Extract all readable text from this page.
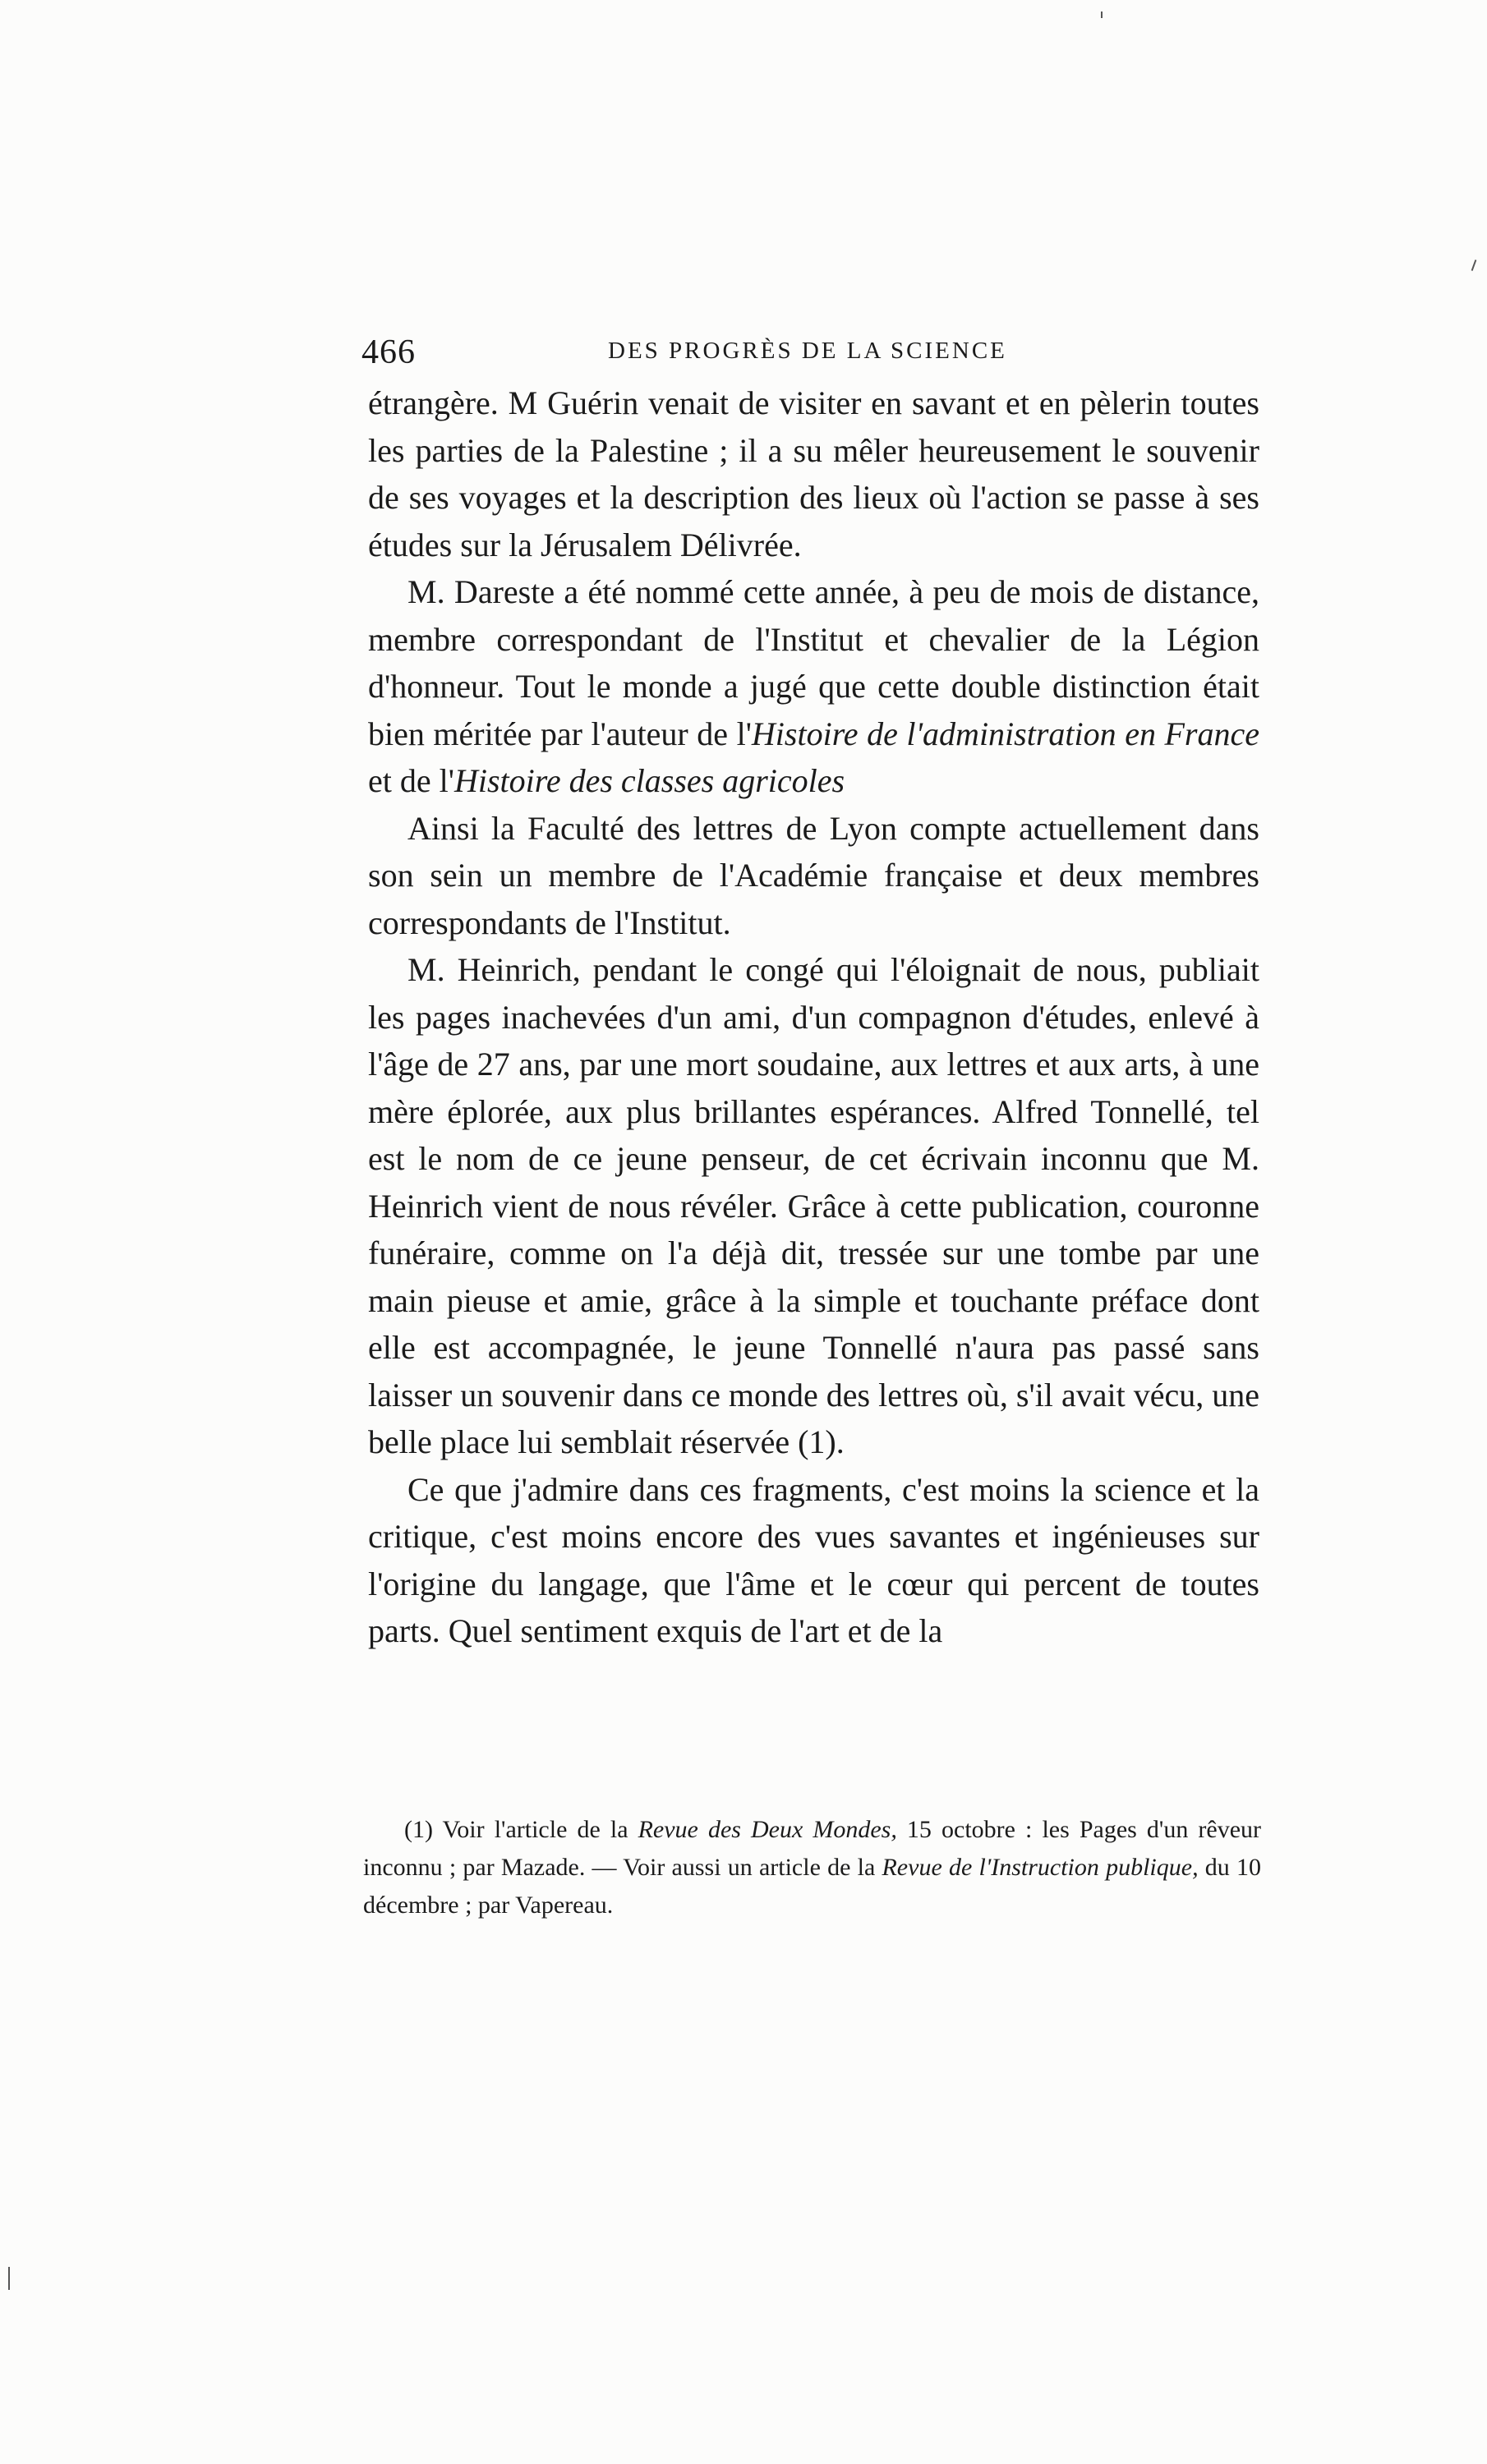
466	DES PROGRÈS DE LA SCIENCE

étrangère. M Guérin venait de visiter en savant et en pèlerin toutes les parties de la Palestine ; il a su mêler heureusement le souvenir de ses voyages et la description des lieux où l'action se passe à ses études sur la Jérusalem Délivrée.

M. Dareste a été nommé cette année, à peu de mois de distance, membre correspondant de l'Institut et chevalier de la Légion d'honneur. Tout le monde a jugé que cette double distinction était bien méritée par l'auteur de l'Histoire de l'administration en France et de l'Histoire des classes agricoles

Ainsi la Faculté des lettres de Lyon compte actuellement dans son sein un membre de l'Académie française et deux membres correspondants de l'Institut.

M. Heinrich, pendant le congé qui l'éloignait de nous, publiait les pages inachevées d'un ami, d'un compagnon d'études, enlevé à l'âge de 27 ans, par une mort soudaine, aux lettres et aux arts, à une mère éplorée, aux plus brillantes espérances. Alfred Tonnellé, tel est le nom de ce jeune penseur, de cet écrivain inconnu que M. Heinrich vient de nous révéler. Grâce à cette publication, couronne funéraire, comme on l'a déjà dit, tressée sur une tombe par une main pieuse et amie, grâce à la simple et touchante préface dont elle est accompagnée, le jeune Tonnellé n'aura pas passé sans laisser un souvenir dans ce monde des lettres où, s'il avait vécu, une belle place lui semblait réservée (1).

Ce que j'admire dans ces fragments, c'est moins la science et la critique, c'est moins encore des vues savantes et ingénieuses sur l'origine du langage, que l'âme et le cœur qui percent de toutes parts. Quel sentiment exquis de l'art et de la

(1) Voir l'article de la Revue des Deux Mondes, 15 octobre : les Pages d'un rêveur inconnu ; par Mazade. — Voir aussi un article de la Revue de l'Instruction publique, du 10 décembre ; par Vapereau.
